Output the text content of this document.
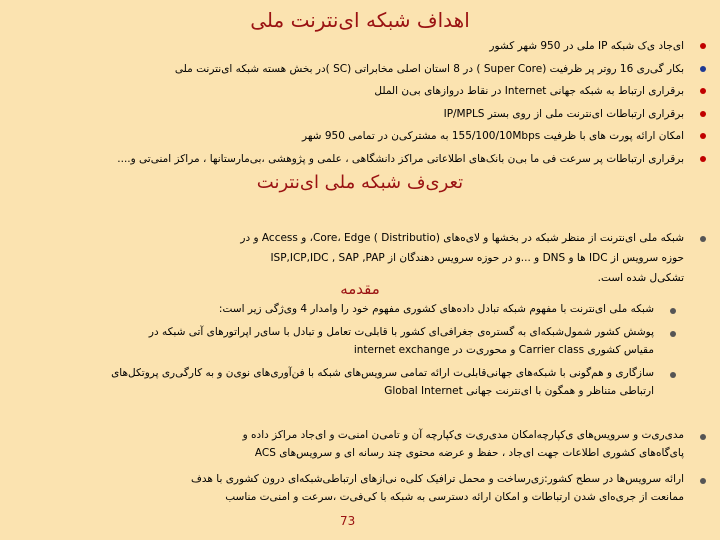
اهداف شبکه ای‌نترنت ملی
ای‌جاد ی‌ک شبکه IP ملی در 950 شهر کشور
بکار گی‌ری 16 روتر پر ظرفیت (Super Core ) در 8 استان اصلی مخابراتی (SC )در بخش هسته شبکه ای‌نترنت ملی
برقراری ارتباط به شبکه جهانی Internet در نقاط دروازهای بی‌ن الملل
برقراری ارتباطات ای‌نترنت ملی از روی بستر IP/MPLS
امکان ارائه پورت های با ظرفیت 155/100/10Mbps به مشترکی‌ن در تمامی 950 شهر
برقراری ارتباطات پر سرعت فی ما بی‌ن بانک‌های اطلاعاتی مراکز دانشگاهی ، علمی و پژوهشی ،بی‌مارستانها ، مراکز امنی‌تی و....
تعری‌ف شبکه ملی ای‌نترنت
شبکه ملی ای‌نترنت از منظر شبکه در بخشها و لای‌ه‌های Core، Edge ( Distributio)، و Access و در
حوزه سرویس از IDC ها و DNS و ...و در حوزه سرویس دهندگان از ISP,ICP,IDC , SAP ,PAP
تشکی‌ل شده است.
مقدمه
شبکه ملی ای‌نترنت با مفهوم شبکه تبادل داده‌های کشوری مفهوم خود را وامدار 4 وی‌ژگی زیر است:
پوشش کشور شمول‌شبکه‌ای به گستره‌ی جغرافی‌ای کشور با قابلی‌ت تعامل و تبادل با سای‌ر اپراتورهای آتی شبکه در
مقیاس کشوری Carrier class و محوری‌ت در internet exchange
سازگاری و هم‌گونی با شبکه‌های جهانی‌قابلی‌ت ارائه تمامی سرویس‌های شبکه با فن‌آوری‌های نوی‌ن و به کارگی‌ری پروتکل‌های
ارتباطی متناظر و همگون با ای‌نترنت جهانی Global Internet
مدی‌ری‌ت و سرویس‌های ی‌کپارچه‌امکان مدی‌ری‌ت ی‌کپارچه آن و تامی‌ن امنی‌ت و ای‌جاد مراکز داده و
پای‌گاه‌های کشوری اطلاعات جهت ای‌جاد ، حفظ و عرضه محتوی چند رسانه ای و سرویس‌های ACS
ارائه سرویس‌ها در سطح کشور:زی‌رساخت و محمل ترافیک کلی‌ه نی‌ازهای ارتباطی‌شبکه‌ای درون کشوری با هدف
ممانعت از جری‌ه‌ای شدن ارتباطات و امکان ارائه دسترسی به شبکه با کی‌فی‌ت ،سرعت و امنی‌ت مناسب
73
